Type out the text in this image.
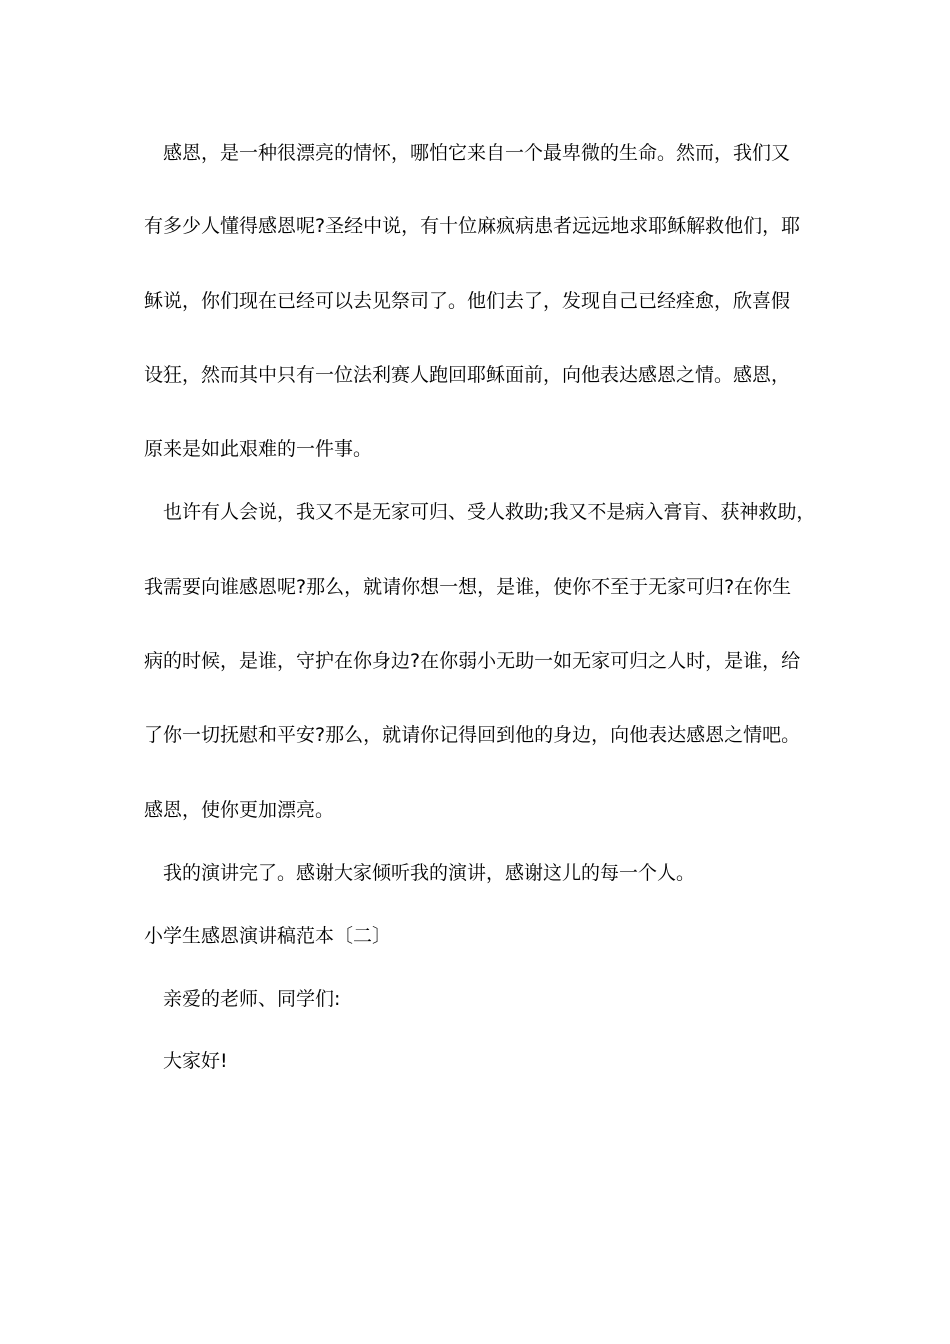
感恩，是一种很漂亮的情怀，哪怕它来自一个最卑微的生命。然而，我们又
有多少人懂得感恩呢?圣经中说，有十位麻疯病患者远远地求耶稣解救他们，耶
稣说，你们现在已经可以去见祭司了。他们去了，发现自己已经痊愈，欣喜假
设狂，然而其中只有一位法利赛人跑回耶稣面前，向他表达感恩之情。感恩，
原来是如此艰难的一件事。
也许有人会说，我又不是无家可归、受人救助;我又不是病入膏肓、获神救助，
我需要向谁感恩呢?那么，就请你想一想，是谁，使你不至于无家可归?在你生
病的时候，是谁，守护在你身边?在你弱小无助一如无家可归之人时，是谁，给
了你一切抚慰和平安?那么，就请你记得回到他的身边，向他表达感恩之情吧。
感恩，使你更加漂亮。
我的演讲完了。感谢大家倾听我的演讲，感谢这儿的每一个人。
小学生感恩演讲稿范本〔二〕
亲爱的老师、同学们:
大家好!
